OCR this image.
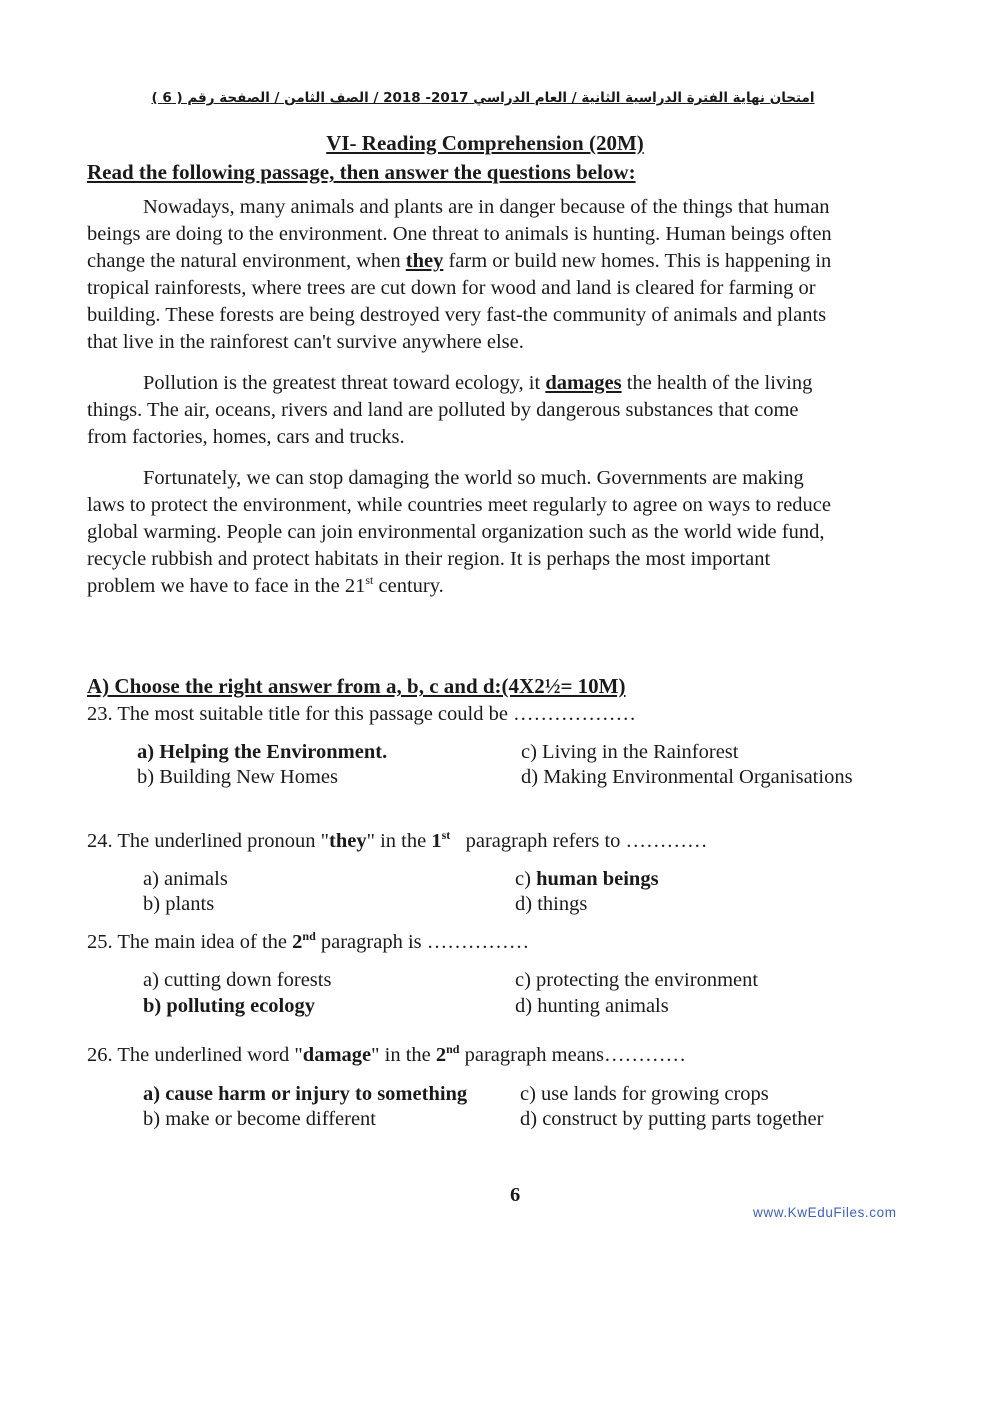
امتحان نهاية الفترة الدراسية الثانية / العام الدراسي 2017- 2018 / الصف الثامن / الصفحة رقم ( 6 )
VI- Reading Comprehension (20M)
Read the following passage, then answer the questions below:
Nowadays, many animals and plants are in danger because of the things that human
beings are doing to the environment. One threat to animals is hunting. Human beings often
change the natural environment, when they farm or build new homes. This is happening in
tropical rainforests, where trees are cut down for wood and land is cleared for farming or
building. These forests are being destroyed very fast-the community of animals and plants
that live in the rainforest can't survive anywhere else.
Pollution is the greatest threat toward ecology, it damages the health of the living
things. The air, oceans, rivers and land are polluted by dangerous substances that come
from factories, homes, cars and trucks.
Fortunately, we can stop damaging the world so much. Governments are making
laws to protect the environment, while countries meet regularly to agree on ways to reduce
global warming. People can join environmental organization such as the world wide fund,
recycle rubbish and protect habitats in their region. It is perhaps the most important
problem we have to face in the 21st century.
A) Choose the right answer from a, b, c and d:(4X2½= 10M)
23. The most suitable title for this passage could be ………………
a) Helping the Environment.	c) Living in the Rainforest
b) Building New Homes	d) Making Environmental Organisations
24. The underlined pronoun "they" in the 1st   paragraph refers to …………
a) animals	c) human beings
b) plants	d) things
25. The main idea of the 2nd paragraph is ……………
a) cutting down forests	c) protecting the environment
b) polluting ecology	d) hunting animals
26. The underlined word "damage" in the 2nd paragraph means…………
a) cause harm or injury to something	c) use lands for growing crops
b) make or become different	d) construct by putting parts together
6
www.KwEduFiles.com
